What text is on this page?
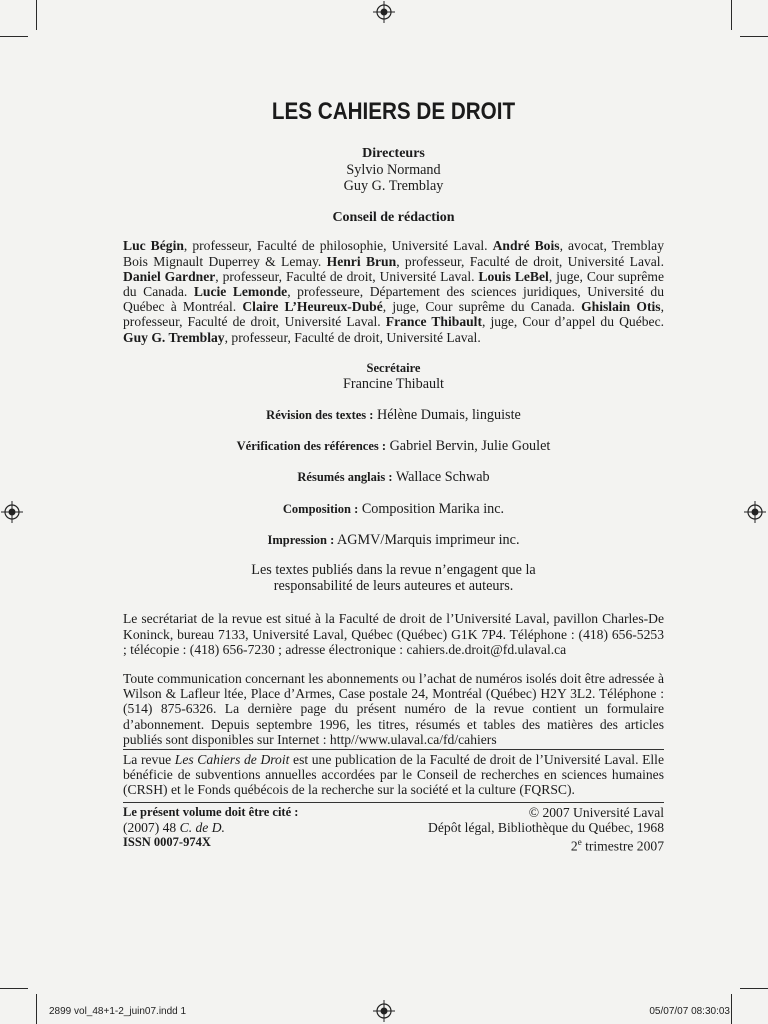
LES CAHIERS DE DROIT
Directeurs
Sylvio Normand
Guy G. Tremblay
Conseil de rédaction
Luc Bégin, professeur, Faculté de philosophie, Université Laval. André Bois, avocat, Tremblay Bois Mignault Duperrey & Lemay. Henri Brun, professeur, Faculté de droit, Université Laval. Daniel Gardner, professeur, Faculté de droit, Université Laval. Louis LeBel, juge, Cour suprême du Canada. Lucie Lemonde, professeure, Département des sciences juridiques, Université du Québec à Montréal. Claire L’Heureux-Dubé, juge, Cour suprême du Canada. Ghislain Otis, professeur, Faculté de droit, Université Laval. France Thibault, juge, Cour d’appel du Québec. Guy G. Tremblay, professeur, Faculté de droit, Université Laval.
Secrétaire
Francine Thibault
Révision des textes : Hélène Dumais, linguiste
Vérification des références : Gabriel Bervin, Julie Goulet
Résumés anglais : Wallace Schwab
Composition : Composition Marika inc.
Impression : AGMV/Marquis imprimeur inc.
Les textes publiés dans la revue n’engagent que la
responsabilité de leurs auteures et auteurs.
Le secrétariat de la revue est situé à la Faculté de droit de l’Université Laval, pavillon Charles-De Koninck, bureau 7133, Université Laval, Québec (Québec) G1K 7P4. Téléphone : (418) 656-5253 ; télécopie : (418) 656-7230 ; adresse électronique : cahiers.de.droit@fd.ulaval.ca
Toute communication concernant les abonnements ou l’achat de numéros isolés doit être adressée à Wilson & Lafleur ltée, Place d’Armes, Case postale 24, Montréal (Québec) H2Y 3L2. Téléphone : (514) 875-6326. La dernière page du présent numéro de la revue contient un formulaire d’abonnement. Depuis septembre 1996, les titres, résumés et tables des matières des articles publiés sont disponibles sur Internet : http//www.ulaval.ca/fd/cahiers
La revue Les Cahiers de Droit est une publication de la Faculté de droit de l’Université Laval. Elle bénéficie de subventions annuelles accordées par le Conseil de recherches en sciences humaines (CRSH) et le Fonds québécois de la recherche sur la société et la culture (FQRSC).
Le présent volume doit être cité :	© 2007 Université Laval
(2007) 48 C. de D.	Dépôt légal, Bibliothèque du Québec, 1968
ISSN 0007-974X	2e trimestre 2007
2899 vol_48+1-2_juin07.indd 1	05/07/07 08:30:03
